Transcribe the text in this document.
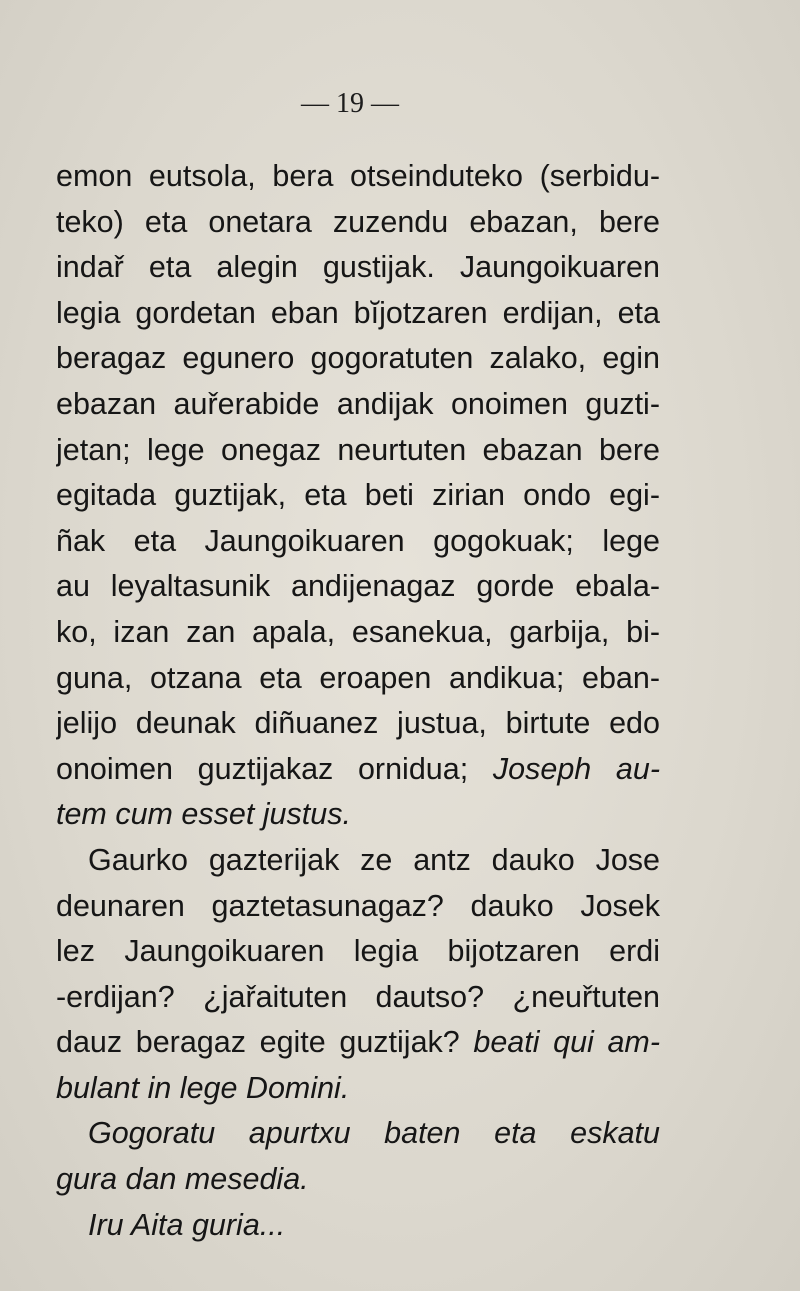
— 19 —
emon eutsola, bera otseinduteko (serbidu-
teko) eta onetara zuzendu ebazan, bere
indař eta alegin gustijak. Jaungoikuaren
legia gordetan eban bĭjotzaren erdijan, eta
beragaz egunero gogoratuten zalako, egin
ebazan auřerabide andijak onoimen guzti-
jetan; lege onegaz neurtuten ebazan bere
egitada guztijak, eta beti zirian ondo egi-
ñak eta Jaungoikuaren gogokuak; lege
au leyaltasunik andijenagaz gorde ebala-
ko, izan zan apala, esanekua, garbija, bi-
guna, otzana eta eroapen andikua; eban-
jelijo deunak diñuanez justua, birtute edo
onoimen guztijakaz ornidua; Joseph au-
tem cum esset justus.
Gaurko gazterijak ze antz dauko Jose
deunaren gaztetasunagaz? dauko Josek
lez Jaungoikuaren legia bijotzaren erdi
-erdijan? ¿jařaituten dautso? ¿neuřtuten
dauz beragaz egite guztijak? beati qui am-
bulant in lege Domini.
Gogoratu apurtxu baten eta eskatu
gura dan mesedia.
Iru Aita guria...
